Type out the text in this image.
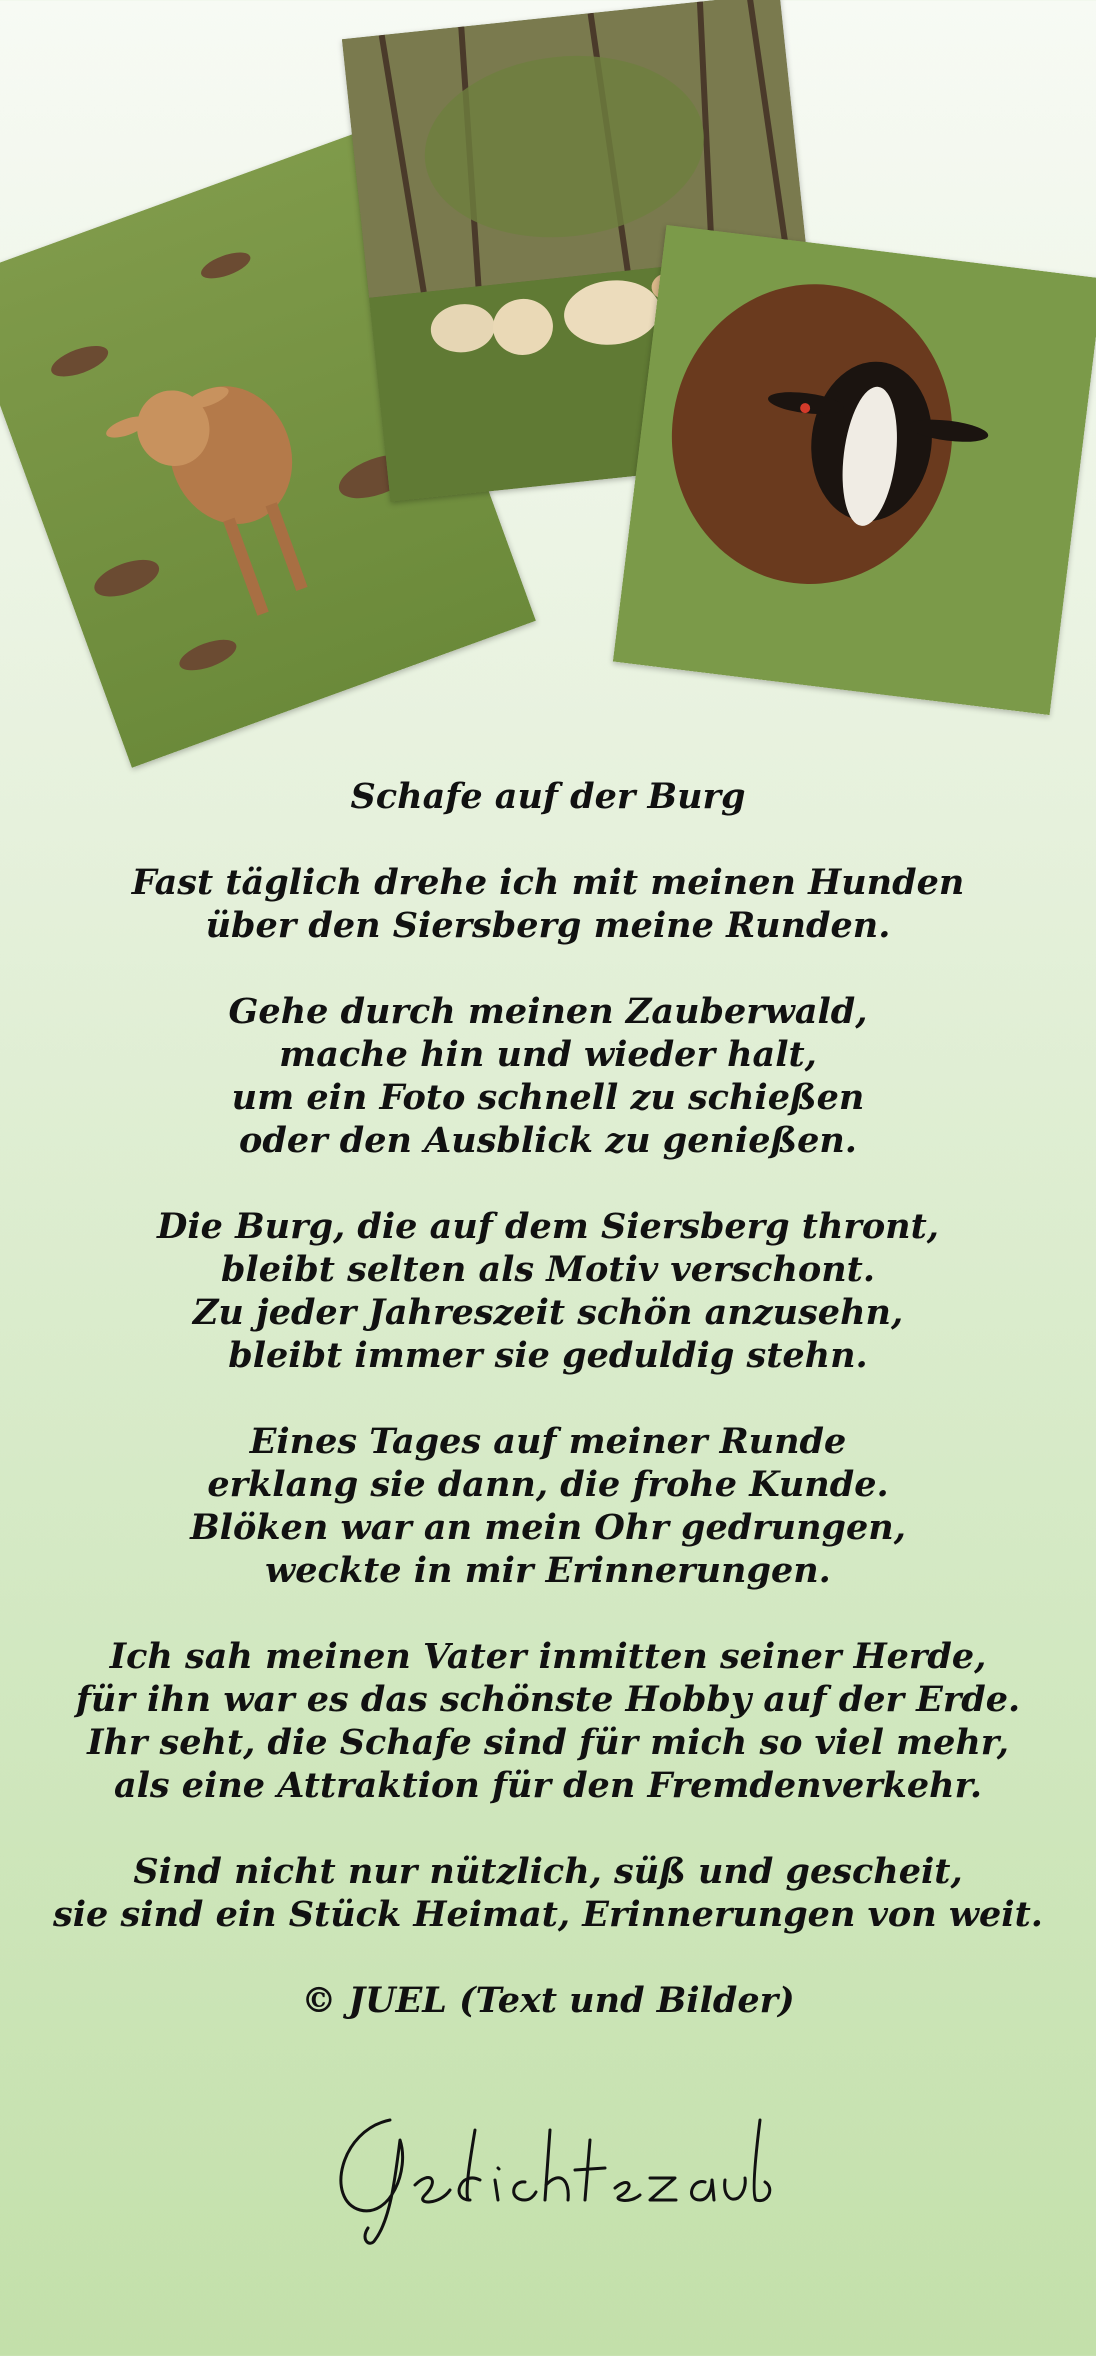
Schafe auf der Burg
Fast täglich drehe ich mit meinen Hunden
über den Siersberg meine Runden.
Gehe durch meinen Zauberwald,
mache hin und wieder halt,
um ein Foto schnell zu schießen
oder den Ausblick zu genießen.
Die Burg, die auf dem Siersberg thront,
bleibt selten als Motiv verschont.
Zu jeder Jahreszeit schön anzusehn,
bleibt immer sie geduldig stehn.
Eines Tages auf meiner Runde
erklang sie dann, die frohe Kunde.
Blöken war an mein Ohr gedrungen,
weckte in mir Erinnerungen.
Ich sah meinen Vater inmitten seiner Herde,
für ihn war es das schönste Hobby auf der Erde.
Ihr seht, die Schafe sind für mich so viel mehr,
als eine Attraktion für den Fremdenverkehr.
Sind nicht nur nützlich, süß und gescheit,
sie sind ein Stück Heimat, Erinnerungen von weit.
© JUEL (Text und Bilder)
